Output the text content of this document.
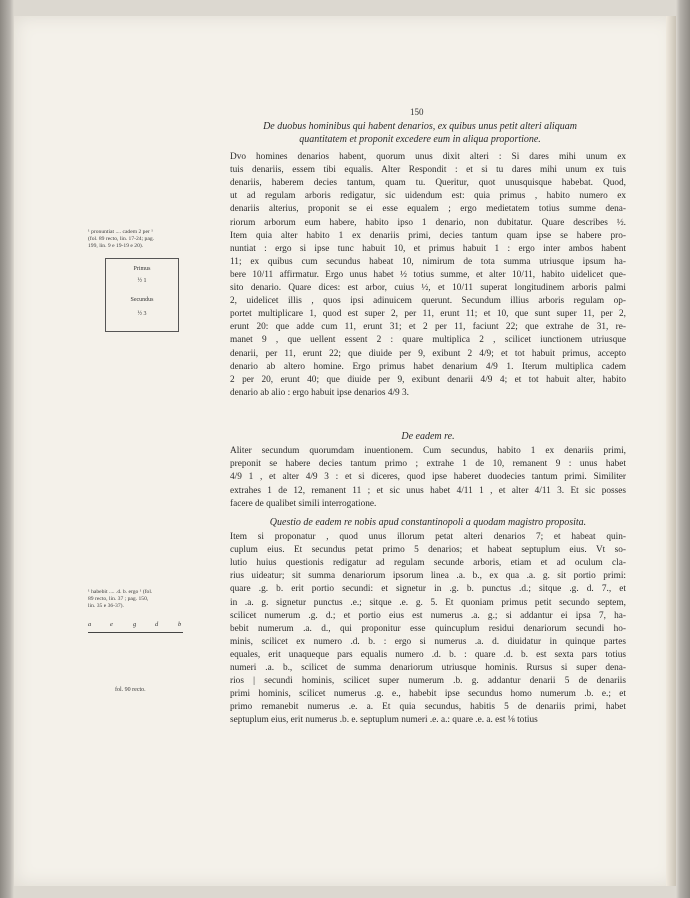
150
De duobus hominibus qui habent denarios, ex quibus unus petit alteri aliquam
quantitatem et proponit excedere eum in aliqua proportione.
Dvo homines denarios habent, quorum unus dixit alteri : Si dares mihi unum ex
tuis denariis, essem tibi equalis. Alter Respondit : et si tu dares mihi unum ex tuis
denariis, haberem decies tantum, quam tu. Queritur, quot unusquisque habebat. Quod,
ut ad regulam arboris redigatur, sic uidendum est: quia primus , habito numero ex
denariis alterius, proponit se ei esse equalem ; ergo medietatem totius summe dena-
riorum arborum eum habere, habito ipso 1 denario, non dubitatur. Quare describes ½.
Item quia alter habito 1 ex denariis primi, decies tantum quam ipse se habere pro-
nuntiat : ergo si ipse tunc habuit 10, et primus habuit 1 : ergo inter ambos habent
11; ex quibus cum secundus habeat 10, nimirum de tota summa utriusque ipsum ha-
bere 10/11 affirmatur. Ergo unus habet ½ totius summe, et alter 10/11, habito uidelicet que-
sito denario. Quare dices: est arbor, cuius ½, et 10/11 superat longitudinem arboris palmi
2, uidelicet illis , quos ipsi adinuicem querunt. Secundum illius arboris regulam op-
portet multiplicare 1, quod est super 2, per 11, erunt 11; et 10, que sunt super 11, per 2,
erunt 20: que adde cum 11, erunt 31; et 2 per 11, faciunt 22; que extrahe de 31, re-
manet 9 , que uellent essent 2 : quare multiplica 2 , scilicet iunctionem utriusque
denarii, per 11, erunt 22; que diuide per 9, exibunt 2 4/9; et tot habuit primus, accepto
denario ab altero homine. Ergo primus habet denarium 4/9 1. Iterum multiplica cadem
2 per 20, erunt 40; que diuide per 9, exibunt denarii 4/9 4; et tot habuit alter, habito
denario ab alio : ergo habuit ipse denarios 4/9 3.
De eadem re.
Aliter secundum quorumdam inuentionem. Cum secundus, habito 1 ex denariis primi,
preponit se habere decies tantum primo ; extrahe 1 de 10, remanent 9 : unus habet
4/9 1 , et alter 4/9 3 : et si diceres, quod ipse haberet duodecies tantum primi. Similiter
extrahes 1 de 12, remanent 11 ; et sic unus habet 4/11 1 , et alter 4/11 3. Et sic posses
facere de qualibet simili interrogatione.
Questio de eadem re nobis apud constantinopoli a quodam magistro proposita.
Item si proponatur , quod unus illorum petat alteri denarios 7; et habeat quin-
cuplum eius. Et secundus petat primo 5 denarios; et habeat septuplum eius. Vt so-
lutio huius questionis redigatur ad regulam secunde arboris, etiam et ad oculum cla-
rius uideatur; sit summa denariorum ipsorum linea .a. b., ex qua .a. g. sit portio primi:
quare .g. b. erit portio secundi: et signetur in .g. b. punctus .d.; sitque .g. d. 7., et
in .a. g. signetur punctus .e.; sitque .e. g. 5. Et quoniam primus petit secundo septem,
scilicet numerum .g. d.; et portio eius est numerus .a. g.; si addantur ei ipsa 7, ha-
bebit numerum .a. d., qui proponitur esse quincuplum residui denariorum secundi ho-
minis, scilicet ex numero .d. b. : ergo si numerus .a. d. diuidatur in quinque partes
equales, erit unaqueque pars equalis numero .d. b. : quare .d. b. est sexta pars totius
numeri .a. b., scilicet de summa denariorum utriusque hominis. Rursus si super dena-
rios | secundi hominis, scilicet super numerum .b. g. addantur denarii 5 de denariis
primi hominis, scilicet numerus .g. e., habebit ipse secundus homo numerum .b. e.; et
primo remanebit numerus .e. a. Et quia secundus, habitis 5 de denariis primi, habet
septuplum eius, erit numerus .b. e. septuplum numeri .e. a.: quare .e. a. est ⅛ totius
¹ pronuntiat .... cadem 2 per ¹
(fol. 89 recto, lin. 17-24; pag.
199, lin. 9 e 19-19 e 20).
Primus
½ 1
Secundus
½ 3
¹ habebit .... .d. b. ergo ¹ (fol.
89 recto, lin. 37 ; pag. 150,
lin. 35 e 36-37).
a	e	g	d	b
fol. 90 recto.
